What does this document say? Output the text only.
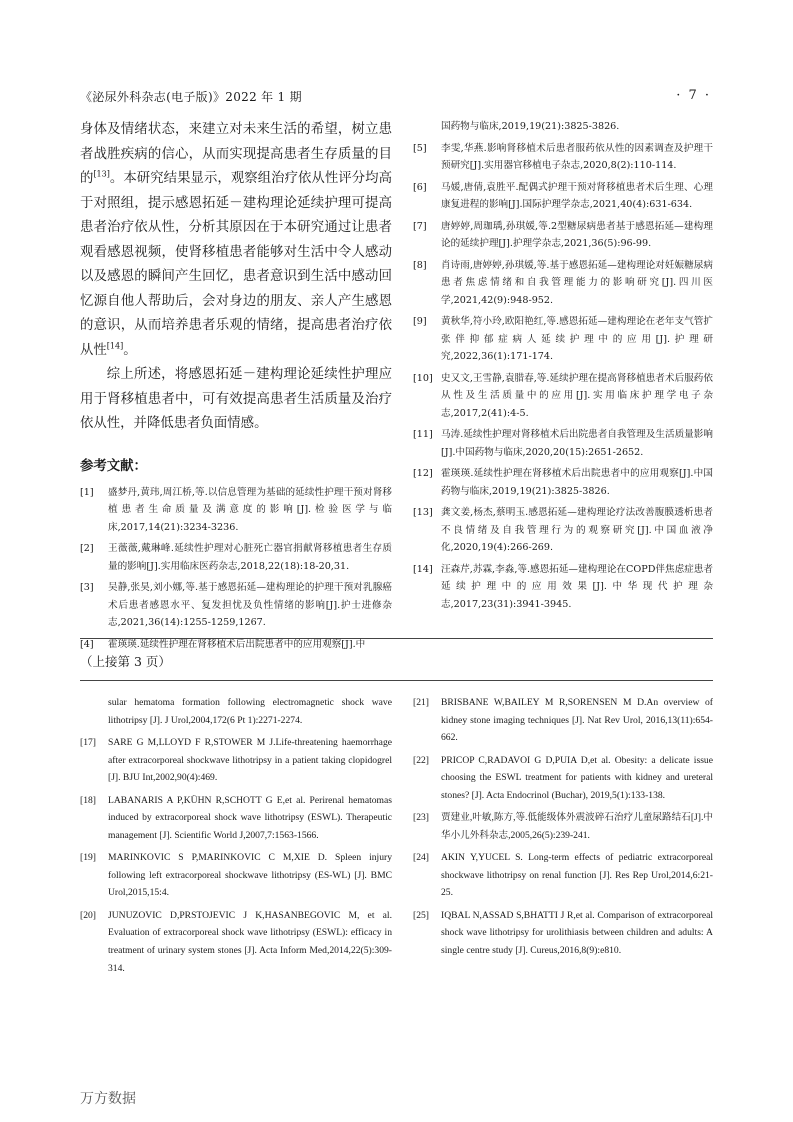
《泌尿外科杂志(电子版)》2022 年 1 期	· 7 ·

身体及情绪状态，来建立对未来生活的希望，树立患者战胜疾病的信心，从而实现提高患者生存质量的目的[13]。本研究结果显示，观察组治疗依从性评分均高于对照组，提示感恩拓延－建构理论延续护理可提高患者治疗依从性，分析其原因在于本研究通过让患者观看感恩视频，使肾移植患者能够对生活中令人感动以及感恩的瞬间产生回忆，患者意识到生活中感动回忆源自他人帮助后，会对身边的朋友、亲人产生感恩的意识，从而培养患者乐观的情绪，提高患者治疗依从性[14]。

综上所述，将感恩拓延－建构理论延续性护理应用于肾移植患者中，可有效提高患者生活质量及治疗依从性，并降低患者负面情感。

参考文献：
[1]	盛梦丹,黄玮,周江桥,等.以信息管理为基础的延续性护理干预对肾移植患者生命质量及满意度的影响[J].检验医学与临床,2017,14(21):3234-3236.
[2]	王薇薇,戴琳峰.延续性护理对心脏死亡器官捐献肾移植患者生存质量的影响[J].实用临床医药杂志,2018,22(18):18-20,31.
[3]	吴静,张昊,刘小娜,等.基于感恩拓延—建构理论的护理干预对乳腺癌术后患者感恩水平、复发担忧及负性情绪的影响[J].护士进修杂志,2021,36(14):1255-1259,1267.
[4]	霍瑛瑛.延续性护理在肾移植术后出院患者中的应用观察[J].中
国药物与临床,2019,19(21):3825-3826.
[5]	李雯,华燕.影响肾移植术后患者服药依从性的因素调查及护理干预研究[J].实用器官移植电子杂志,2020,8(2):110-114.
[6]	马媛,唐倩,袁胜平.配偶式护理干预对肾移植患者术后生理、心理康复进程的影响[J].国际护理学杂志,2021,40(4):631-634.
[7]	唐婷婷,周珈瑀,孙琪媛,等.2型糖尿病患者基于感恩拓延—建构理论的延续护理[J].护理学杂志,2021,36(5):96-99.
[8]	肖诗雨,唐婷婷,孙琪媛,等.基于感恩拓延—建构理论对妊娠糖尿病患者焦虑情绪和自我管理能力的影响研究[J].四川医学,2021,42(9):948-952.
[9]	黄秋华,符小玲,欧阳艳红,等.感恩拓延—建构理论在老年支气管扩张伴抑郁症病人延续护理中的应用[J].护理研究,2022,36(1):171-174.
[10] 史又文,王雪静,袁腊春,等.延续护理在提高肾移植患者术后服药依从性及生活质量中的应用[J].实用临床护理学电子杂志,2017,2(41):4-5.
[11] 马涛.延续性护理对肾移植术后出院患者自我管理及生活质量影响[J].中国药物与临床,2020,20(15):2651-2652.
[12] 霍瑛瑛.延续性护理在肾移植术后出院患者中的应用观察[J].中国药物与临床,2019,19(21):3825-3826.
[13] 龚文姜,杨杰,蔡明玉.感恩拓延—建构理论疗法改善腹膜透析患者不良情绪及自我管理行为的观察研究[J].中国血液净化,2020,19(4):266-269.
[14] 汪森芹,苏霖,李淼,等.感恩拓延—建构理论在COPD伴焦虑症患者延续护理中的应用效果[J].中华现代护理杂志,2017,23(31):3941-3945.
（上接第 3 页）
sular hematoma formation following electromagnetic shock wave lithotripsy [J]. J Urol,2004,172(6 Pt 1):2271-2274.
[17]	SARE G M,LLOYD F R,STOWER M J.Life-threatening haemorrhage after extracorporeal shockwave lithotripsy in a patient taking clopidogrel [J]. BJU Int,2002,90(4):469.
[18]	LABANARIS A P,KÜHN R,SCHOTT G E,et al. Perirenal hematomas induced by extracorporeal shock wave lithotripsy (ESWL). Therapeutic management [J]. Scientific World J,2007,7:1563-1566.
[19]	MARINKOVIC S P,MARINKOVIC C M,XIE D. Spleen injury following left extracorporeal shockwave lithotripsy (ES-WL) [J]. BMC Urol,2015,15:4.
[20]	JUNUZOVIC D,PRSTOJEVIC J K,HASANBEGOVIC M, et al. Evaluation of extracorporeal shock wave lithotripsy (ESWL): efficacy in treatment of urinary system stones [J]. Acta Inform Med,2014,22(5):309-314.
[21]	BRISBANE W,BAILEY M R,SORENSEN M D.An overview of kidney stone imaging techniques [J]. Nat Rev Urol, 2016,13(11):654-662.
[22]	PRICOP C,RADAVOI G D,PUIA D,et al. Obesity: a delicate issue choosing the ESWL treatment for patients with kidney and ureteral stones? [J]. Acta Endocrinol (Buchar), 2019,5(1):133-138.
[23]	贾建业,叶敏,陈方,等.低能级体外震波碎石治疗儿童尿路结石[J].中华小儿外科杂志,2005,26(5):239-241.
[24]	AKIN Y,YUCEL S. Long-term effects of pediatric extracorporeal shockwave lithotripsy on renal function [J]. Res Rep Urol,2014,6:21-25.
[25]	IQBAL N,ASSAD S,BHATTI J R,et al. Comparison of extracorporeal shock wave lithotripsy for urolithiasis between children and adults: A single centre study [J]. Cureus,2016,8(9):e810.
万方数据
